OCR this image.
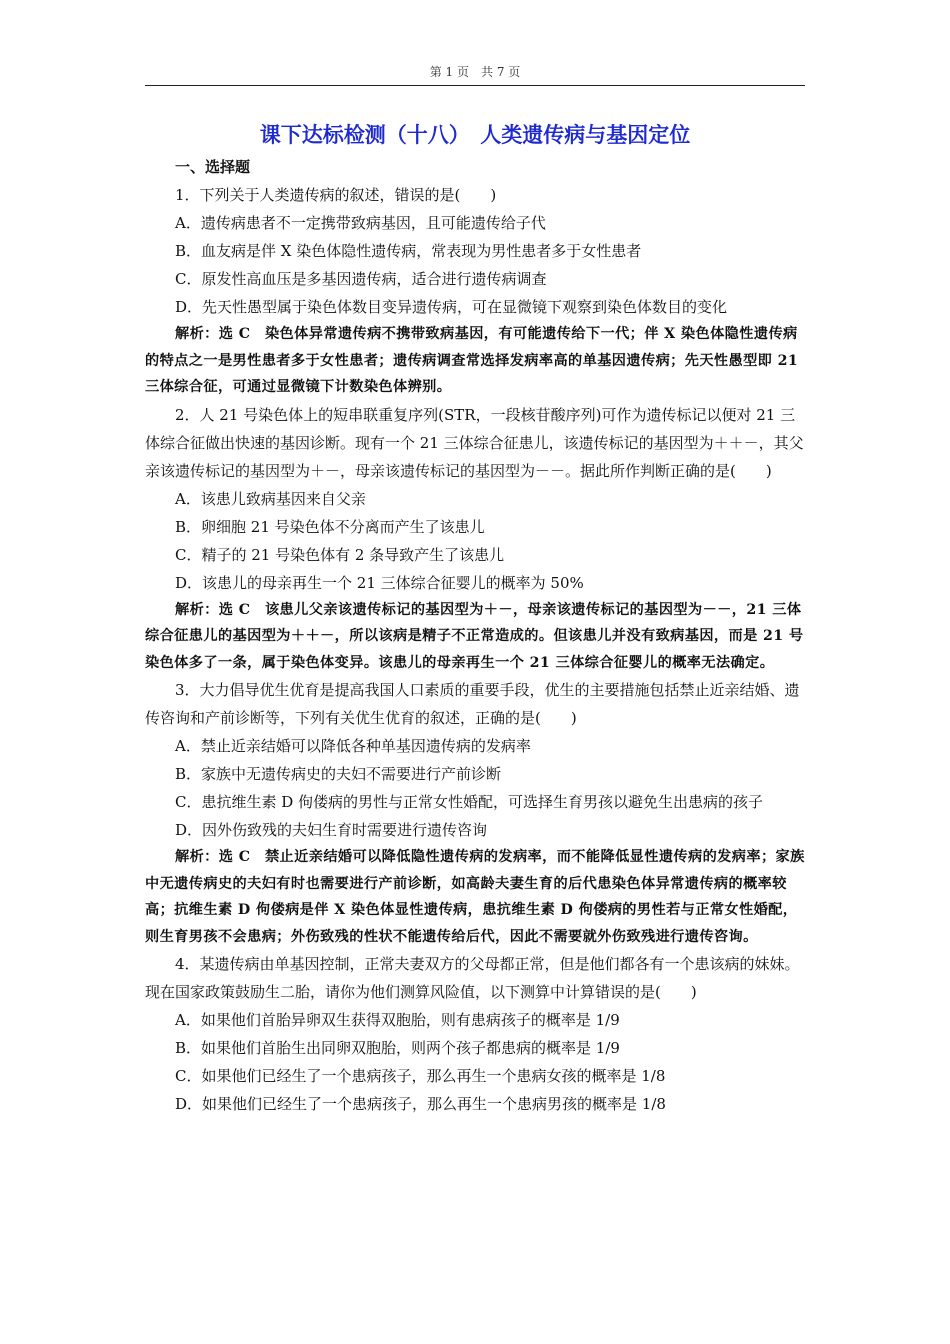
第 1 页　共 7 页
课下达标检测（十八）　人类遗传病与基因定位

一、选择题

1．下列关于人类遗传病的叙述，错误的是(　　)

A．遗传病患者不一定携带致病基因，且可能遗传给子代

B．血友病是伴 X 染色体隐性遗传病，常表现为男性患者多于女性患者

C．原发性高血压是多基因遗传病，适合进行遗传病调查

D．先天性愚型属于染色体数目变异遗传病，可在显微镜下观察到染色体数目的变化

解析：选 C　染色体异常遗传病不携带致病基因，有可能遗传给下一代；伴 X 染色体隐性遗传病的特点之一是男性患者多于女性患者；遗传病调查常选择发病率高的单基因遗传病；先天性愚型即 21 三体综合征，可通过显微镜下计数染色体辨别。

2．人 21 号染色体上的短串联重复序列(STR，一段核苷酸序列)可作为遗传标记以便对 21 三体综合征做出快速的基因诊断。现有一个 21 三体综合征患儿，该遗传标记的基因型为＋＋－，其父亲该遗传标记的基因型为＋－，母亲该遗传标记的基因型为－－。据此所作判断正确的是(　　)

A．该患儿致病基因来自父亲

B．卵细胞 21 号染色体不分离而产生了该患儿

C．精子的 21 号染色体有 2 条导致产生了该患儿

D．该患儿的母亲再生一个 21 三体综合征婴儿的概率为 50%

解析：选 C　该患儿父亲该遗传标记的基因型为＋－，母亲该遗传标记的基因型为－－，21 三体综合征患儿的基因型为＋＋－，所以该病是精子不正常造成的。但该患儿并没有致病基因，而是 21 号染色体多了一条，属于染色体变异。该患儿的母亲再生一个 21 三体综合征婴儿的概率无法确定。

3．大力倡导优生优育是提高我国人口素质的重要手段，优生的主要措施包括禁止近亲结婚、遗传咨询和产前诊断等，下列有关优生优育的叙述，正确的是(　　)

A．禁止近亲结婚可以降低各种单基因遗传病的发病率

B．家族中无遗传病史的夫妇不需要进行产前诊断

C．患抗维生素 D 佝偻病的男性与正常女性婚配，可选择生育男孩以避免生出患病的孩子

D．因外伤致残的夫妇生育时需要进行遗传咨询

解析：选 C　禁止近亲结婚可以降低隐性遗传病的发病率，而不能降低显性遗传病的发病率；家族中无遗传病史的夫妇有时也需要进行产前诊断，如高龄夫妻生育的后代患染色体异常遗传病的概率较高；抗维生素 D 佝偻病是伴 X 染色体显性遗传病，患抗维生素 D 佝偻病的男性若与正常女性婚配，则生育男孩不会患病；外伤致残的性状不能遗传给后代，因此不需要就外伤致残进行遗传咨询。

4．某遗传病由单基因控制，正常夫妻双方的父母都正常，但是他们都各有一个患该病的妹妹。现在国家政策鼓励生二胎，请你为他们测算风险值，以下测算中计算错误的是(　　)

A．如果他们首胎异卵双生获得双胞胎，则有患病孩子的概率是 1/9

B．如果他们首胎生出同卵双胞胎，则两个孩子都患病的概率是 1/9

C．如果他们已经生了一个患病孩子，那么再生一个患病女孩的概率是 1/8

D．如果他们已经生了一个患病孩子，那么再生一个患病男孩的概率是 1/8
